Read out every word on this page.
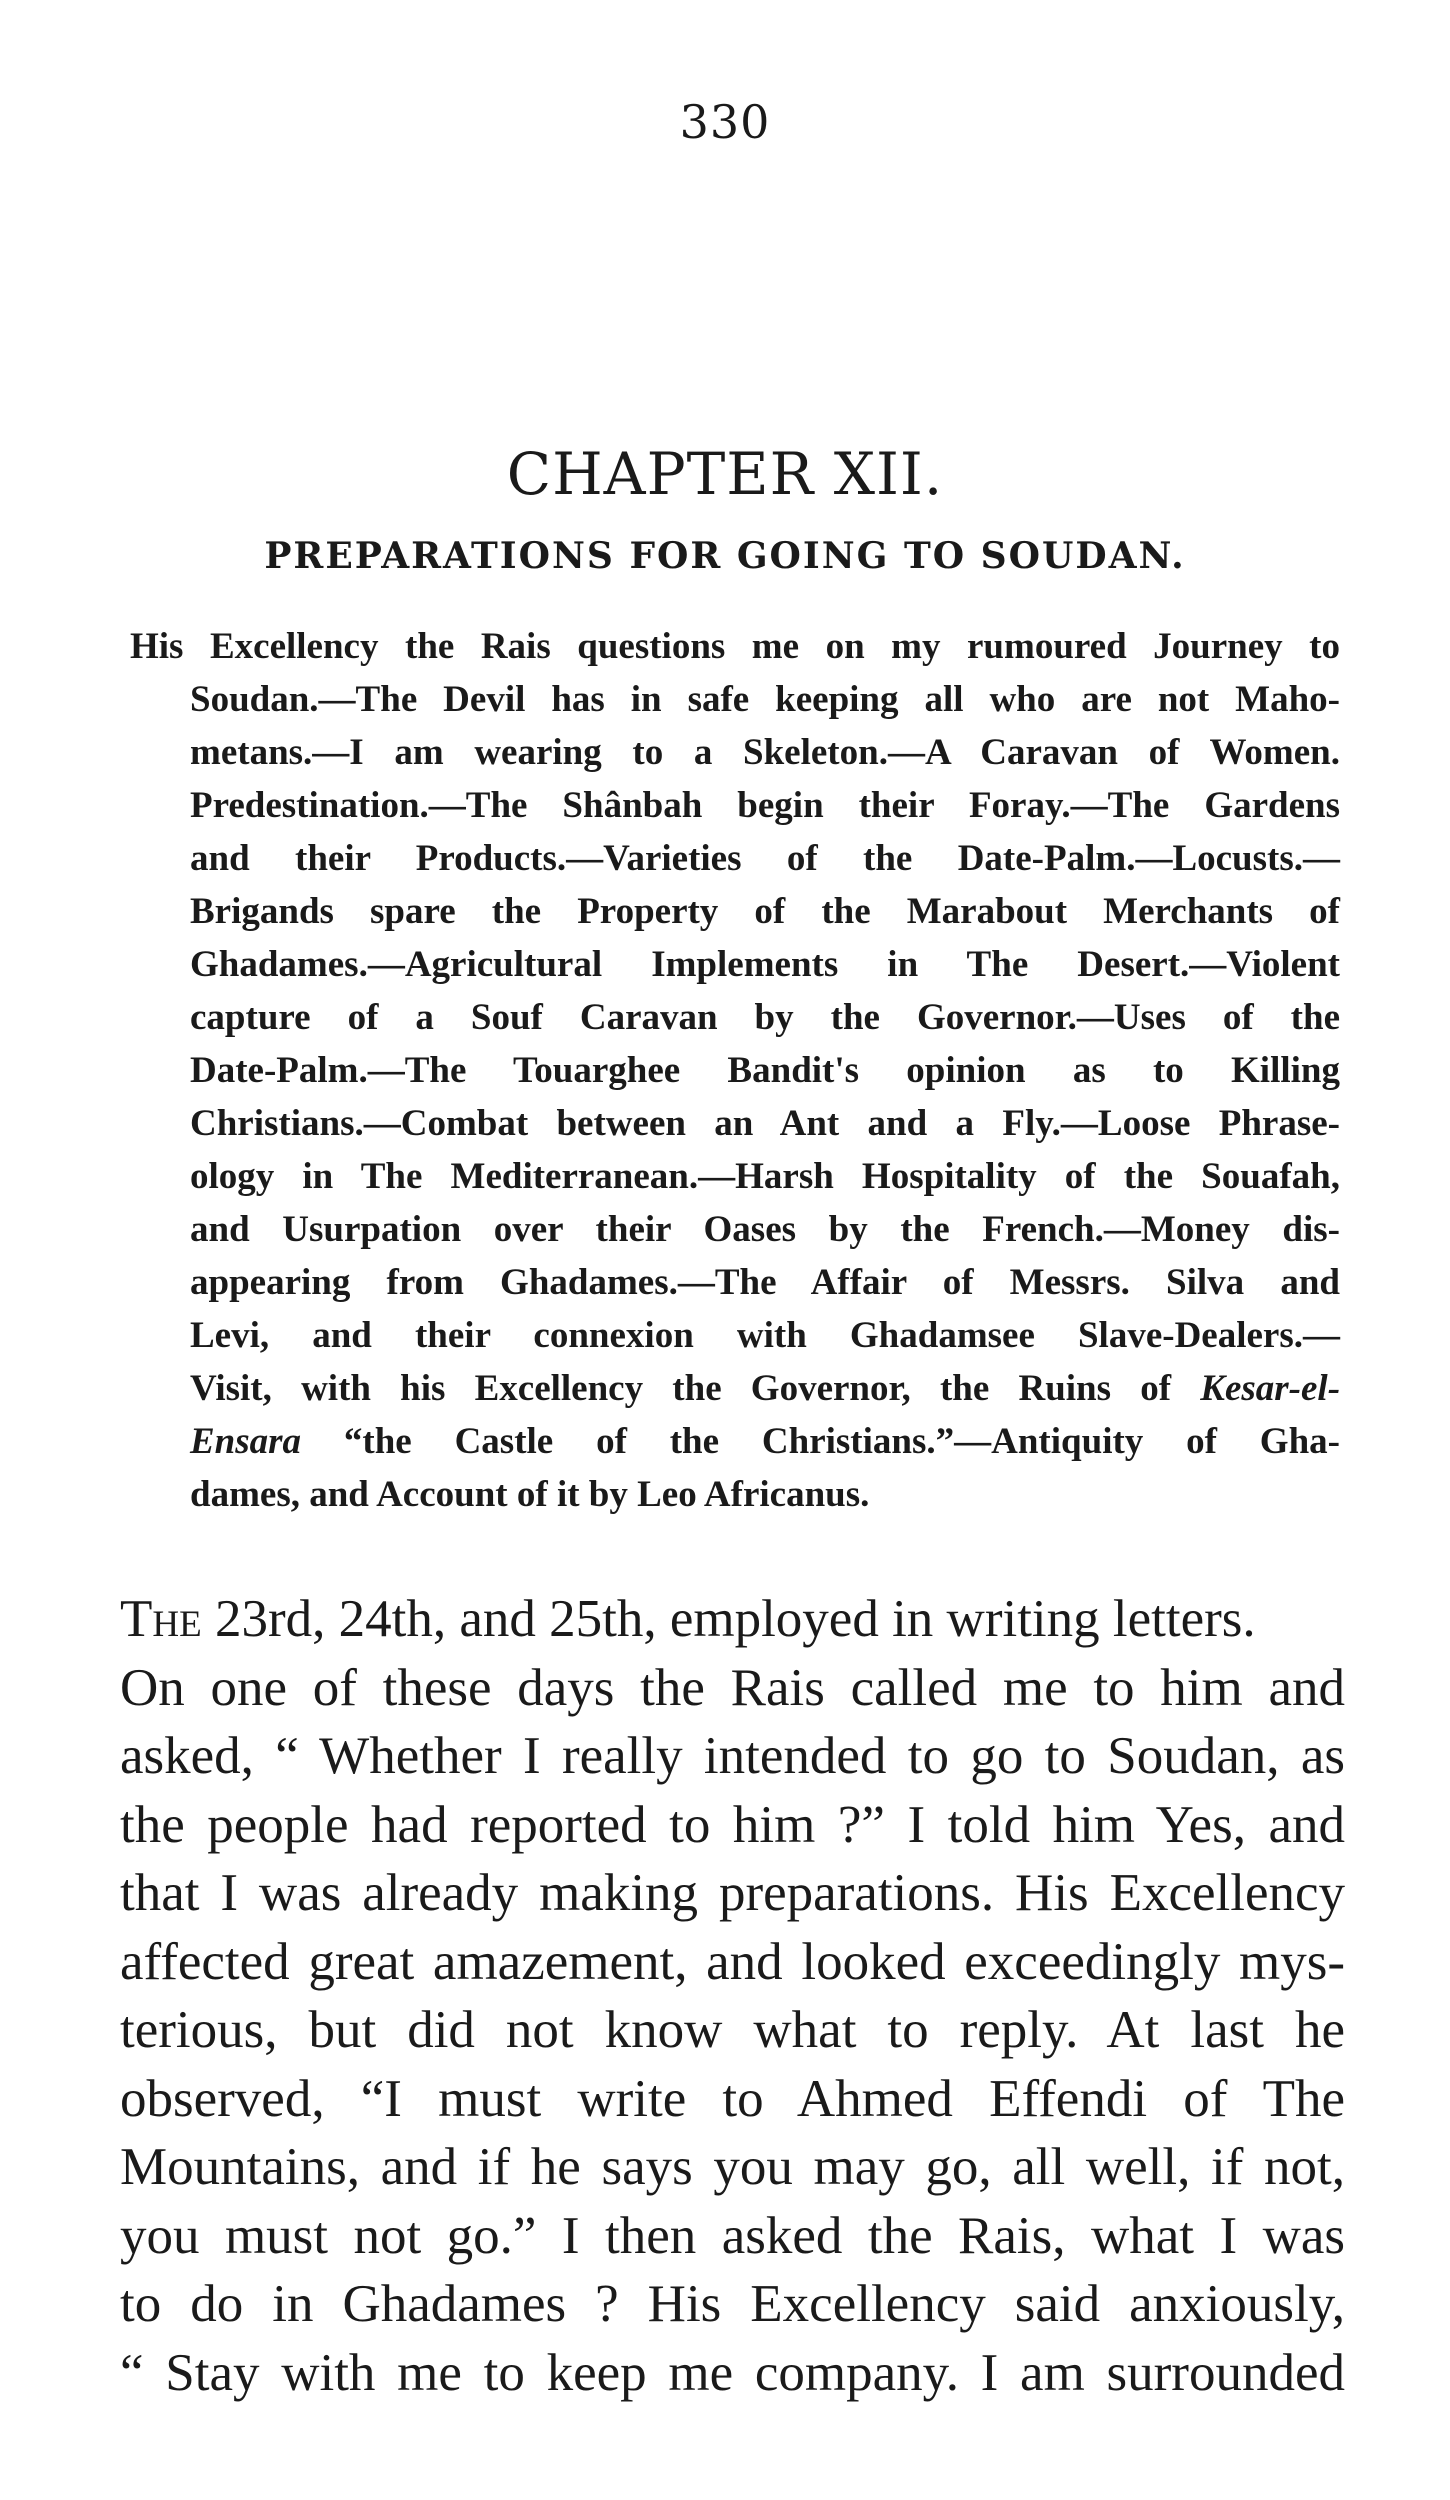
330
CHAPTER XII.
PREPARATIONS FOR GOING TO SOUDAN.
His Excellency the Rais questions me on my rumoured Journey to
Soudan.—The Devil has in safe keeping all who are not Maho-
metans.—I am wearing to a Skeleton.—A Caravan of Women.
Predestination.—The Shânbah begin their Foray.—The Gardens
and their Products.—Varieties of the Date-Palm.—Locusts.—
Brigands spare the Property of the Marabout Merchants of
Ghadames.—Agricultural Implements in The Desert.—Violent
capture of a Souf Caravan by the Governor.—Uses of the
Date-Palm.—The Touarghee Bandit's opinion as to Killing
Christians.—Combat between an Ant and a Fly.—Loose Phrase-
ology in The Mediterranean.—Harsh Hospitality of the Souafah,
and Usurpation over their Oases by the French.—Money dis-
appearing from Ghadames.—The Affair of Messrs. Silva and
Levi, and their connexion with Ghadamsee Slave-Dealers.—
Visit, with his Excellency the Governor, the Ruins of Kesar-el-
Ensara “the Castle of the Christians.”—Antiquity of Gha-
dames, and Account of it by Leo Africanus.
The 23rd, 24th, and 25th, employed in writing letters.
On one of these days the Rais called me to him and
asked, “ Whether I really intended to go to Soudan, as
the people had reported to him ?” I told him Yes, and
that I was already making preparations. His Excellency
affected great amazement, and looked exceedingly mys-
terious, but did not know what to reply. At last he
observed, “I must write to Ahmed Effendi of The
Mountains, and if he says you may go, all well, if not,
you must not go.” I then asked the Rais, what I was
to do in Ghadames ? His Excellency said anxiously,
“ Stay with me to keep me company. I am surrounded
